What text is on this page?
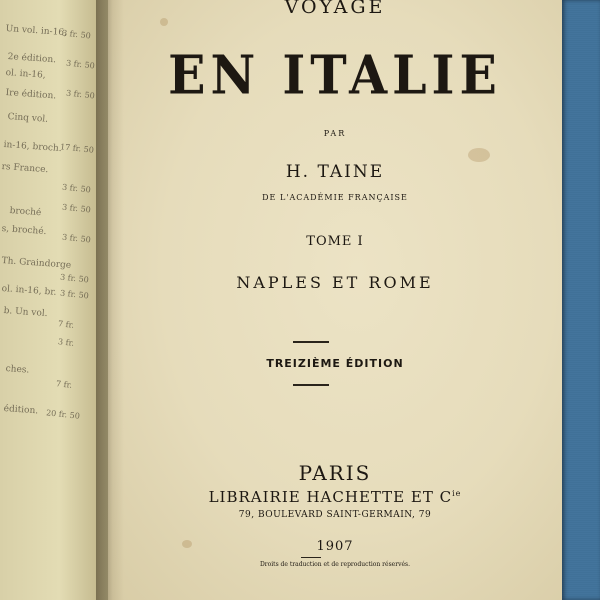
Un vol. in-16,
2e édition.
ol. in-16,
Ire édition.
Cinq vol.
in-16, broch.
rs France.
broché
s, broché.
Th. Graindorge
ol. in-16, br.
b. Un vol.
ches.
édition.
3 fr. 50
3 fr. 50
3 fr. 50
17 fr. 50
3 fr. 50
3 fr. 50
3 fr. 50
3 fr. 50
3 fr. 50
7 fr.
3 fr.
7 fr.
20 fr. 50
VOYAGE
EN ITALIE
PAR
H. TAINE
DE L'ACADÉMIE FRANÇAISE
TOME I
NAPLES ET ROME
TREIZIÈME ÉDITION
PARIS
LIBRAIRIE HACHETTE ET $C^{ie}$
79, BOULEVARD SAINT-GERMAIN, 79
1907
Droits de traduction et de reproduction réservés.
